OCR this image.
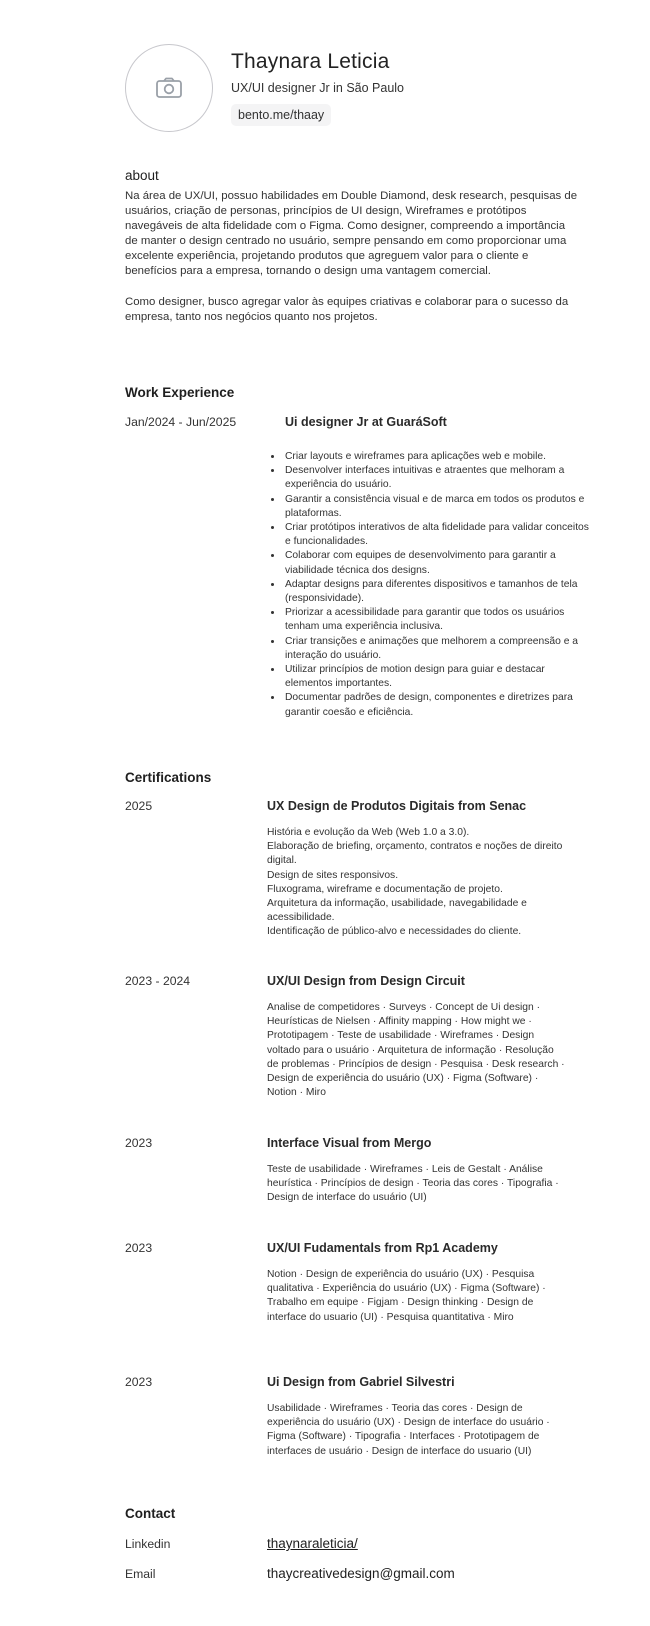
Thaynara Leticia
UX/UI designer Jr in São Paulo
bento.me/thaay
about

Na área de UX/UI, possuo habilidades em Double Diamond, desk research, pesquisas de usuários, criação de personas, princípios de UI design, Wireframes e protótipos navegáveis de alta fidelidade com o Figma. Como designer, compreendo a importância de manter o design centrado no usuário, sempre pensando em como proporcionar uma excelente experiência, projetando produtos que agreguem valor para o cliente e benefícios para a empresa, tornando o design uma vantagem comercial.

Como designer, busco agregar valor às equipes criativas e colaborar para o sucesso da empresa, tanto nos negócios quanto nos projetos.

Work Experience
Jan/2024 - Jun/2025	Ui designer Jr at GuaráSoft
• Criar layouts e wireframes para aplicações web e mobile.
• Desenvolver interfaces intuitivas e atraentes que melhoram a experiência do usuário.
• Garantir a consistência visual e de marca em todos os produtos e plataformas.
• Criar protótipos interativos de alta fidelidade para validar conceitos e funcionalidades.
• Colaborar com equipes de desenvolvimento para garantir a viabilidade técnica dos designs.
• Adaptar designs para diferentes dispositivos e tamanhos de tela (responsividade).
• Priorizar a acessibilidade para garantir que todos os usuários tenham uma experiência inclusiva.
• Criar transições e animações que melhorem a compreensão e a interação do usuário.
• Utilizar princípios de motion design para guiar e destacar elementos importantes.
• Documentar padrões de design, componentes e diretrizes para garantir coesão e eficiência.
Certifications
2025	UX Design de Produtos Digitais from Senac

História e evolução da Web (Web 1.0 a 3.0).
Elaboração de briefing, orçamento, contratos e noções de direito digital.
Design de sites responsivos.
Fluxograma, wireframe e documentação de projeto.
Arquitetura da informação, usabilidade, navegabilidade e acessibilidade.
Identificação de público-alvo e necessidades do cliente.

2023 - 2024	UX/UI Design from Design Circuit

Analise de competidores · Surveys · Concept de Ui design · Heurísticas de Nielsen · Affinity mapping · How might we · Prototipagem · Teste de usabilidade · Wireframes · Design voltado para o usuário · Arquitetura de informação · Resolução de problemas · Princípios de design · Pesquisa · Desk research · Design de experiência do usuário (UX) · Figma (Software) · Notion · Miro

2023	Interface Visual from Mergo

Teste de usabilidade · Wireframes · Leis de Gestalt · Análise heurística · Princípios de design · Teoria das cores · Tipografia · Design de interface do usuário (UI)

2023	UX/UI Fudamentals from Rp1 Academy

Notion · Design de experiência do usuário (UX) · Pesquisa qualitativa · Experiência do usuário (UX) · Figma (Software) · Trabalho em equipe · Figjam · Design thinking · Design de interface do usuario (UI) · Pesquisa quantitativa · Miro

2023	Ui Design from Gabriel Silvestri

Usabilidade · Wireframes · Teoria das cores · Design de experiência do usuário (UX) · Design de interface do usuário · Figma (Software) · Tipografia · Interfaces · Prototipagem de interfaces de usuário · Design de interface do usuario (UI)

Contact
Linkedin	thaynaraleticia/
Email	thaycreativedesign@gmail.com
